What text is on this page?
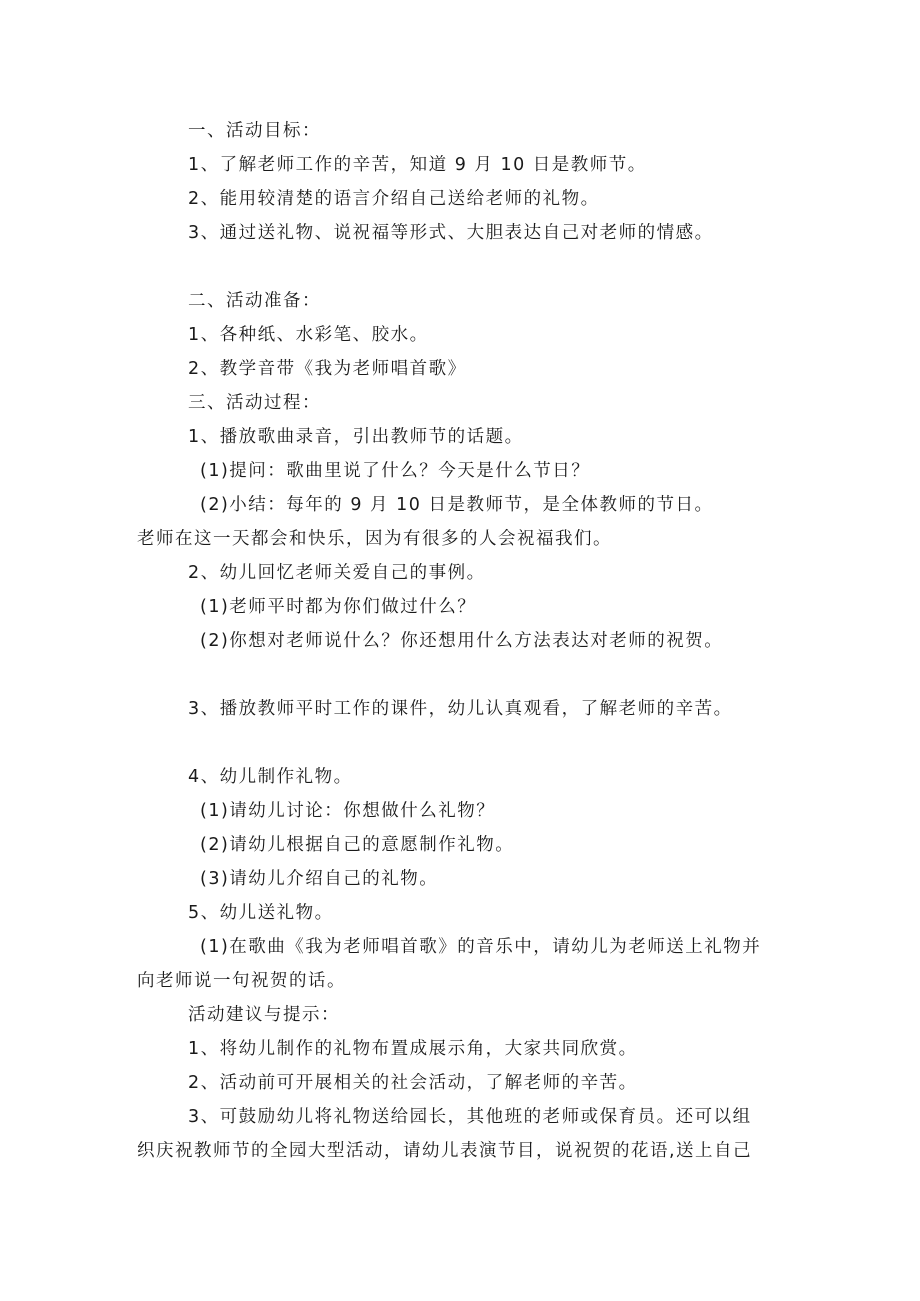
一、活动目标：
1、了解老师工作的辛苦，知道 9 月 10 日是教师节。
2、能用较清楚的语言介绍自己送给老师的礼物。
3、通过送礼物、说祝福等形式、大胆表达自己对老师的情感。
二、活动准备：
1、各种纸、水彩笔、胶水。
2、教学音带《我为老师唱首歌》
三、活动过程：
1、播放歌曲录音，引出教师节的话题。
(1)提问：歌曲里说了什么？今天是什么节日？
(2)小结：每年的 9 月 10 日是教师节，是全体教师的节日。
老师在这一天都会和快乐，因为有很多的人会祝福我们。
2、幼儿回忆老师关爱自己的事例。
(1)老师平时都为你们做过什么？
(2)你想对老师说什么？你还想用什么方法表达对老师的祝贺。
3、播放教师平时工作的课件，幼儿认真观看，了解老师的辛苦。
4、幼儿制作礼物。
(1)请幼儿讨论：你想做什么礼物？
(2)请幼儿根据自己的意愿制作礼物。
(3)请幼儿介绍自己的礼物。
5、幼儿送礼物。
(1)在歌曲《我为老师唱首歌》的音乐中，请幼儿为老师送上礼物并
向老师说一句祝贺的话。
活动建议与提示：
1、将幼儿制作的礼物布置成展示角，大家共同欣赏。
2、活动前可开展相关的社会活动，了解老师的辛苦。
3、可鼓励幼儿将礼物送给园长，其他班的老师或保育员。还可以组
织庆祝教师节的全园大型活动，请幼儿表演节目，说祝贺的花语,送上自己
